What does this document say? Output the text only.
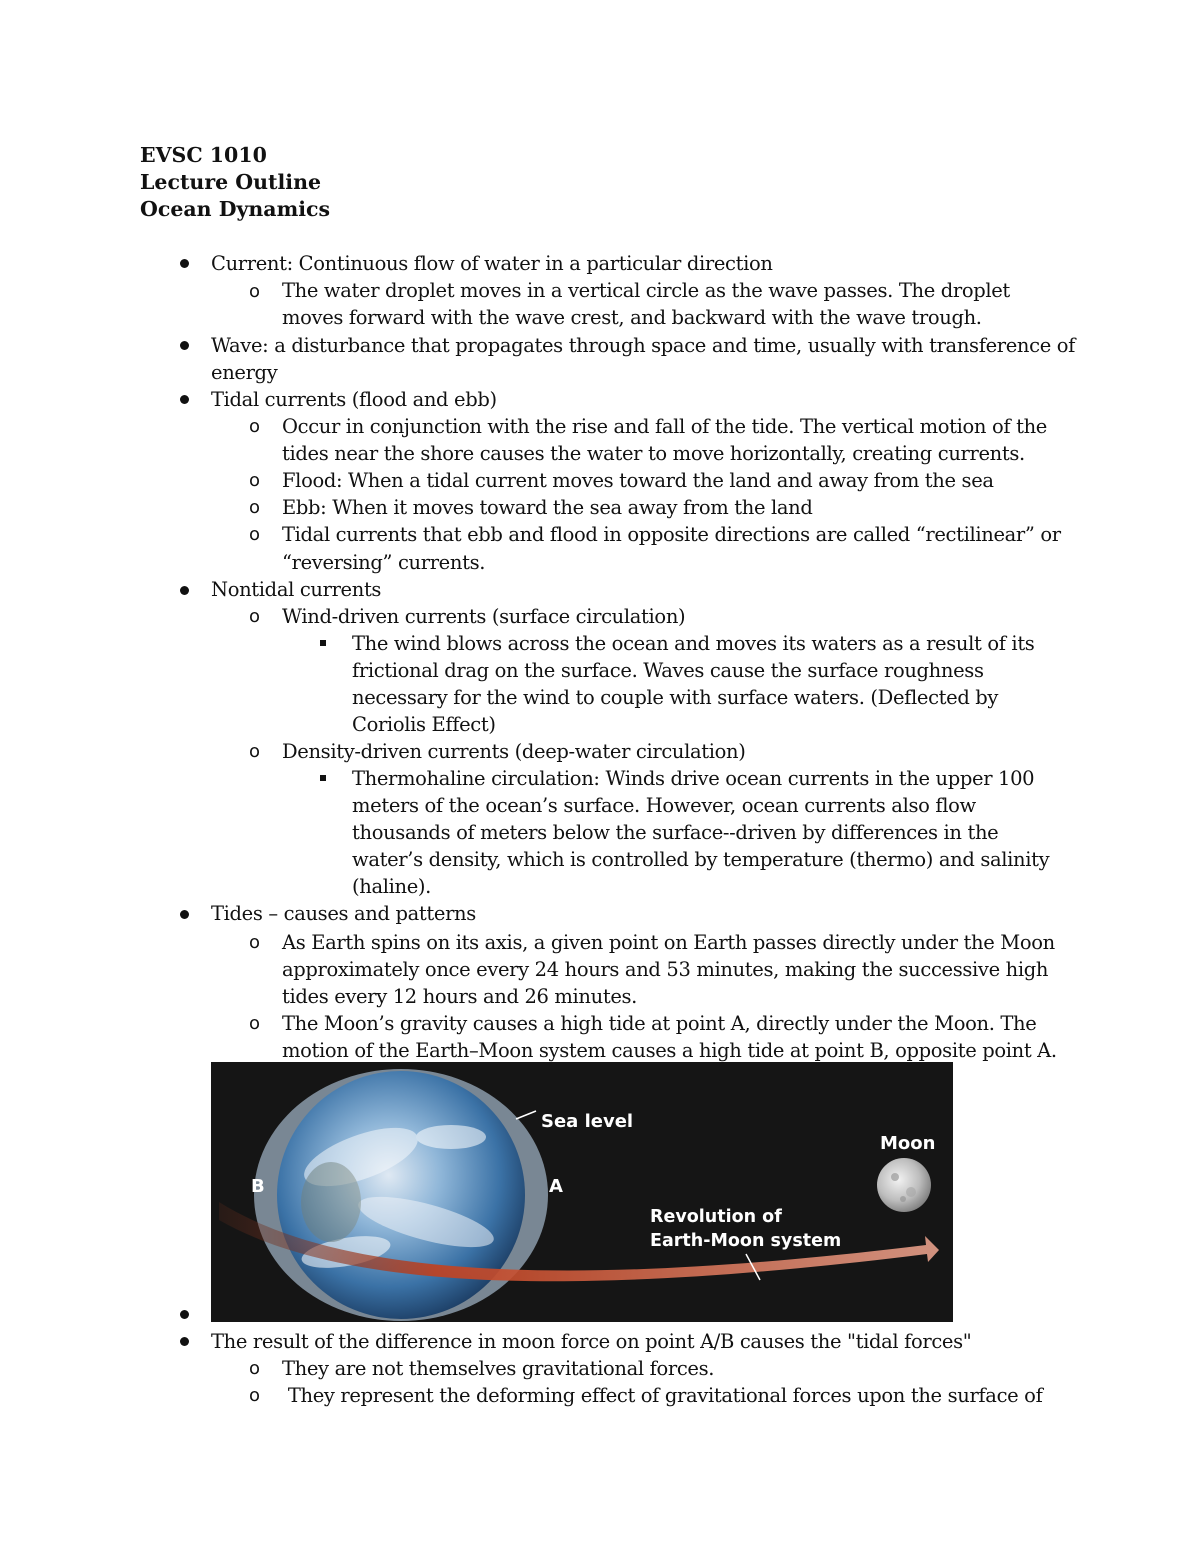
EVSC 1010
Lecture Outline
Ocean Dynamics
o
o
o
o
o
o
o
o
o
o
o
Current: Continuous flow of water in a particular direction
The water droplet moves in a vertical circle as the wave passes. The droplet
moves forward with the wave crest, and backward with the wave trough.
Wave: a disturbance that propagates through space and time, usually with transference of
energy
Tidal currents (flood and ebb)
Occur in conjunction with the rise and fall of the tide. The vertical motion of the
tides near the shore causes the water to move horizontally, creating currents.
Flood: When a tidal current moves toward the land and away from the sea
Ebb: When it moves toward the sea away from the land
Tidal currents that ebb and flood in opposite directions are called “rectilinear” or
“reversing” currents.
Nontidal currents
Wind-driven currents (surface circulation)
The wind blows across the ocean and moves its waters as a result of its
frictional drag on the surface. Waves cause the surface roughness
necessary for the wind to couple with surface waters. (Deflected by
Coriolis Effect)
Density-driven currents (deep-water circulation)
Thermohaline circulation: Winds drive ocean currents in the upper 100
meters of the ocean’s surface. However, ocean currents also flow
thousands of meters below the surface--driven by differences in the
water’s density, which is controlled by temperature (thermo) and salinity
(haline).
Tides – causes and patterns
As Earth spins on its axis, a given point on Earth passes directly under the Moon
approximately once every 24 hours and 53 minutes, making the successive high
tides every 12 hours and 26 minutes.
The Moon’s gravity causes a high tide at point A, directly under the Moon. The
motion of the Earth–Moon system causes a high tide at point B, opposite point A.
Sea level
Moon
B	A
Revolution of
Earth-Moon system
The result of the difference in moon force on point A/B causes the "tidal forces"
They are not themselves gravitational forces.
They represent the deforming effect of gravitational forces upon the surface of
